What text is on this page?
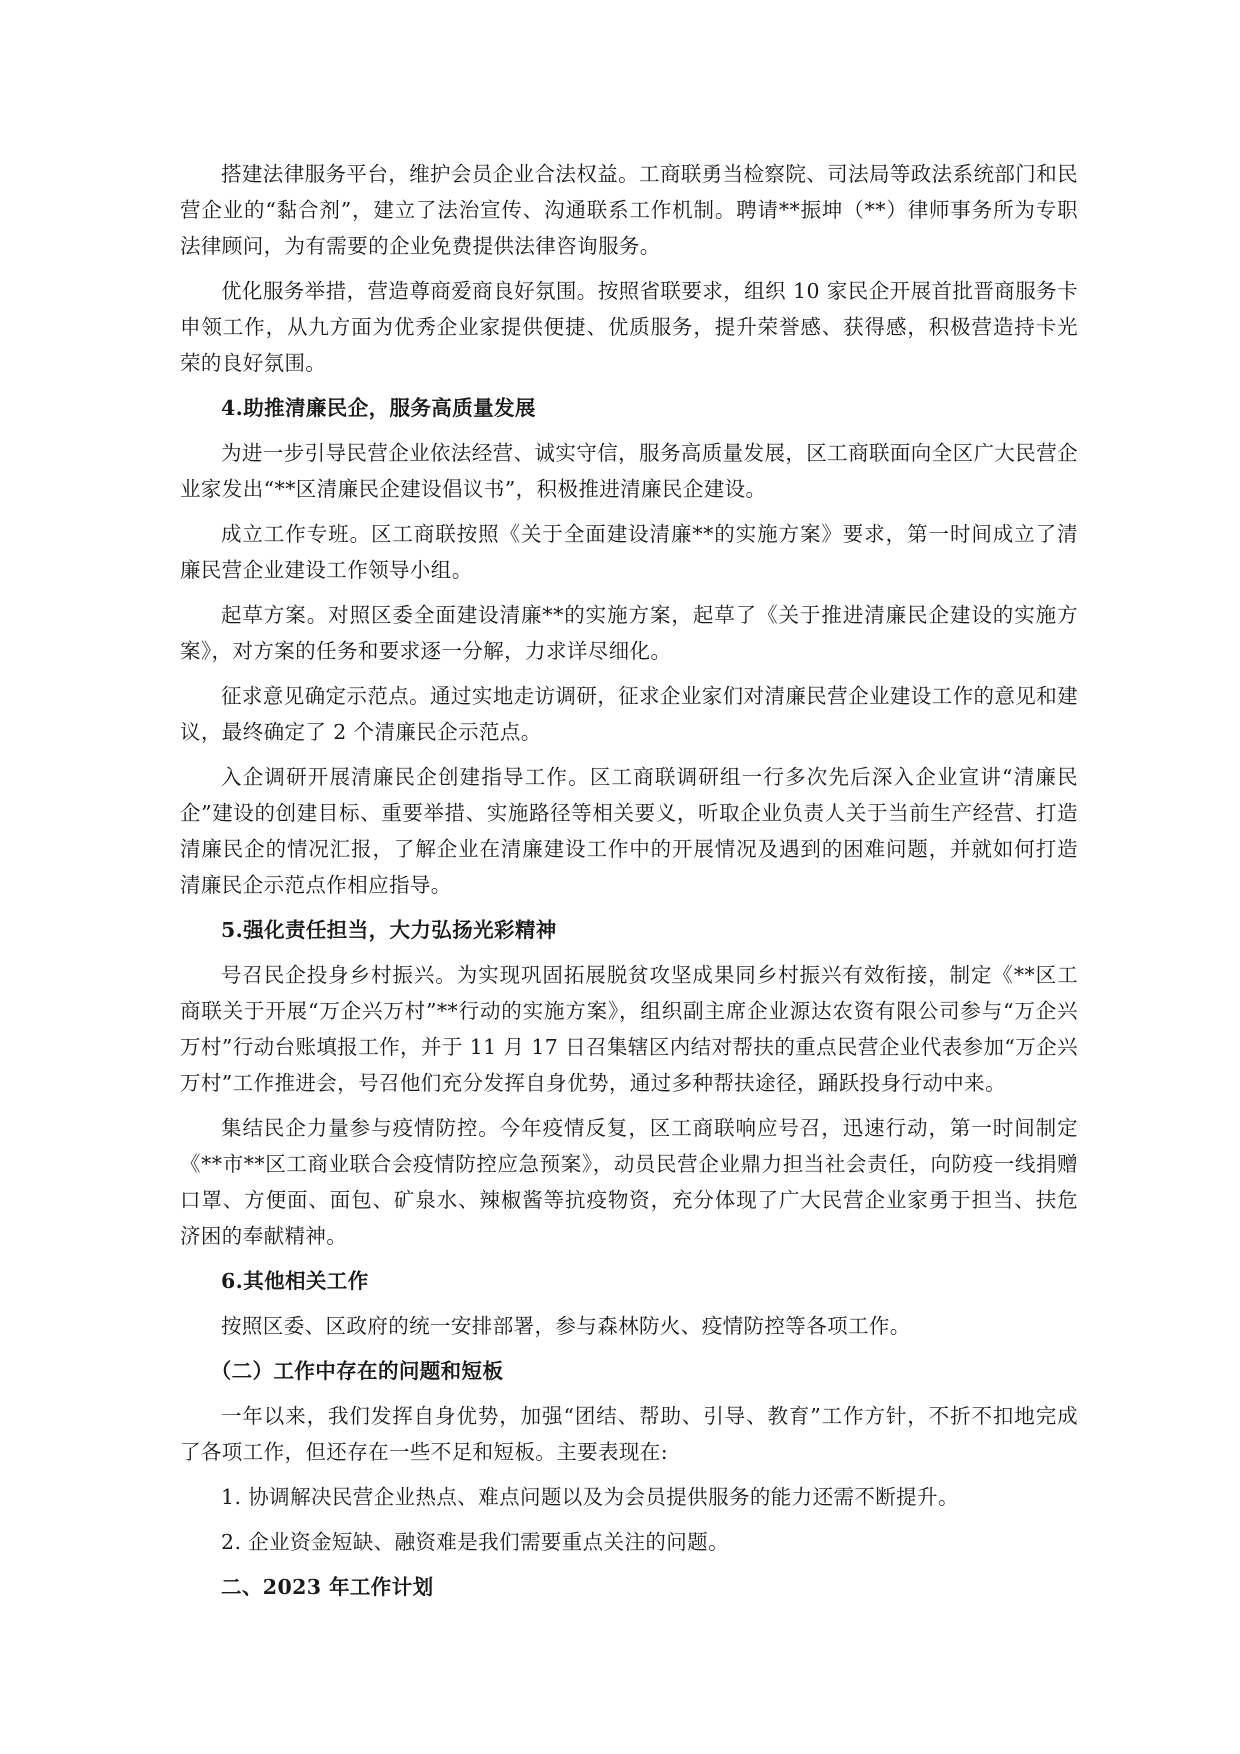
搭建法律服务平台，维护会员企业合法权益。工商联勇当检察院、司法局等政法系统部门和民营企业的“黏合剂”，建立了法治宣传、沟通联系工作机制。聘请**振坤（**）律师事务所为专职法律顾问，为有需要的企业免费提供法律咨询服务。

优化服务举措，营造尊商爱商良好氛围。按照省联要求，组织 10 家民企开展首批晋商服务卡申领工作，从九方面为优秀企业家提供便捷、优质服务，提升荣誉感、获得感，积极营造持卡光荣的良好氛围。

4.助推清廉民企，服务高质量发展

为进一步引导民营企业依法经营、诚实守信，服务高质量发展，区工商联面向全区广大民营企业家发出“**区清廉民企建设倡议书”，积极推进清廉民企建设。

成立工作专班。区工商联按照《关于全面建设清廉**的实施方案》要求，第一时间成立了清廉民营企业建设工作领导小组。

起草方案。对照区委全面建设清廉**的实施方案，起草了《关于推进清廉民企建设的实施方案》，对方案的任务和要求逐一分解，力求详尽细化。

征求意见确定示范点。通过实地走访调研，征求企业家们对清廉民营企业建设工作的意见和建议，最终确定了 2 个清廉民企示范点。

入企调研开展清廉民企创建指导工作。区工商联调研组一行多次先后深入企业宣讲“清廉民企”建设的创建目标、重要举措、实施路径等相关要义，听取企业负责人关于当前生产经营、打造清廉民企的情况汇报，了解企业在清廉建设工作中的开展情况及遇到的困难问题，并就如何打造清廉民企示范点作相应指导。

5.强化责任担当，大力弘扬光彩精神

号召民企投身乡村振兴。为实现巩固拓展脱贫攻坚成果同乡村振兴有效衔接，制定《**区工商联关于开展“万企兴万村”**行动的实施方案》，组织副主席企业源达农资有限公司参与“万企兴万村”行动台账填报工作，并于 11 月 17 日召集辖区内结对帮扶的重点民营企业代表参加“万企兴万村”工作推进会，号召他们充分发挥自身优势，通过多种帮扶途径，踊跃投身行动中来。

集结民企力量参与疫情防控。今年疫情反复，区工商联响应号召，迅速行动，第一时间制定《**市**区工商业联合会疫情防控应急预案》，动员民营企业鼎力担当社会责任，向防疫一线捐赠口罩、方便面、面包、矿泉水、辣椒酱等抗疫物资，充分体现了广大民营企业家勇于担当、扶危济困的奉献精神。

6.其他相关工作

按照区委、区政府的统一安排部署，参与森林防火、疫情防控等各项工作。

（二）工作中存在的问题和短板

一年以来，我们发挥自身优势，加强“团结、帮助、引导、教育”工作方针，不折不扣地完成了各项工作，但还存在一些不足和短板。主要表现在:

1. 协调解决民营企业热点、难点问题以及为会员提供服务的能力还需不断提升。

2. 企业资金短缺、融资难是我们需要重点关注的问题。

二、2023 年工作计划
